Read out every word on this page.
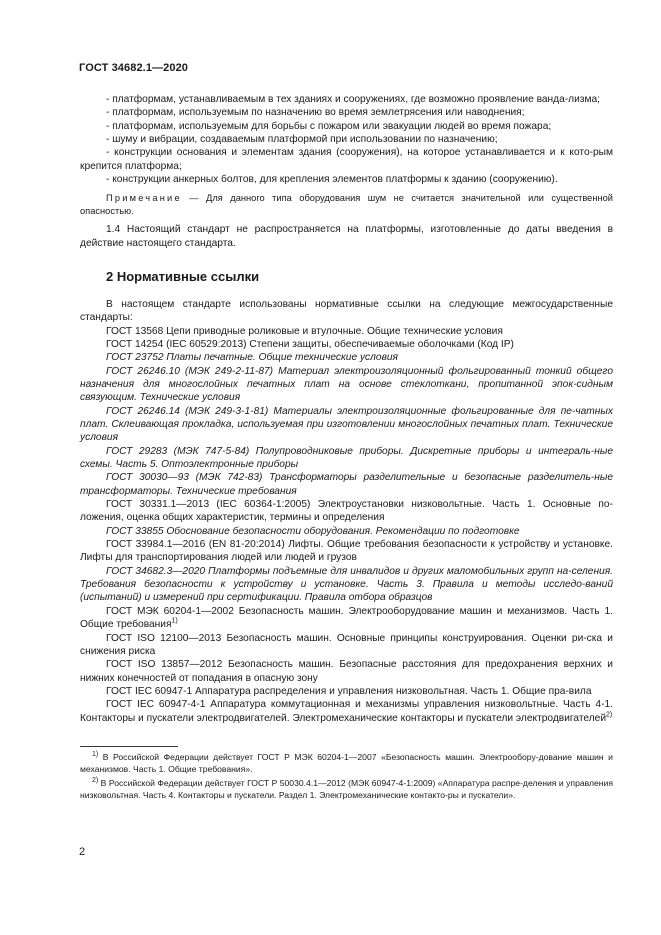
ГОСТ 34682.1—2020

- платформам, устанавливаемым в тех зданиях и сооружениях, где возможно проявление ванда-лизма;

- платформам, используемым по назначению во время землетрясения или наводнения;

- платформам, используемым для борьбы с пожаром или эвакуации людей во время пожара;

- шуму и вибрации, создаваемым платформой при использовании по назначению;

- конструкции основания и элементам здания (сооружения), на которое устанавливается и к кото-рым крепится платформа;

- конструкции анкерных болтов, для крепления элементов платформы к зданию (сооружению).

Примечание — Для данного типа оборудования шум не считается значительной или существенной опасностью.

1.4 Настоящий стандарт не распространяется на платформы, изготовленные до даты введения в действие настоящего стандарта.

2 Нормативные ссылки

В настоящем стандарте использованы нормативные ссылки на следующие межгосударственные стандарты:

ГОСТ 13568 Цепи приводные роликовые и втулочные. Общие технические условия

ГОСТ 14254 (IEC 60529:2013) Степени защиты, обеспечиваемые оболочками (Код IP)

ГОСТ 23752 Платы печатные. Общие технические условия

ГОСТ 26246.10 (МЭК 249-2-11-87) Материал электроизоляционный фольгированный тонкий общего назначения для многослойных печатных плат на основе стеклоткани, пропитанной эпок-сидным связующим. Технические условия

ГОСТ 26246.14 (МЭК 249-3-1-81) Материалы электроизоляционные фольгированные для пе-чатных плат. Склеивающая прокладка, используемая при изготовлении многослойных печатных плат. Технические условия

ГОСТ 29283 (МЭК 747-5-84) Полупроводниковые приборы. Дискретные приборы и интеграль-ные схемы. Часть 5. Оптоэлектронные приборы

ГОСТ 30030—93 (МЭК 742-83) Трансформаторы разделительные и безопасные разделитель-ные трансформаторы. Технические требования

ГОСТ 30331.1—2013 (IEC 60364-1:2005) Электроустановки низковольтные. Часть 1. Основные по-ложения, оценка общих характеристик, термины и определения

ГОСТ 33855 Обоснование безопасности оборудования. Рекомендации по подготовке

ГОСТ 33984.1—2016 (EN 81-20:2014) Лифты. Общие требования безопасности к устройству и установке. Лифты для транспортирования людей или людей и грузов

ГОСТ 34682.3—2020 Платформы подъемные для инвалидов и других маломобильных групп на-селения. Требования безопасности к устройству и установке. Часть 3. Правила и методы исследо-ваний (испытаний) и измерений при сертификации. Правила отбора образцов

ГОСТ МЭК 60204-1—2002 Безопасность машин. Электрооборудование машин и механизмов. Часть 1. Общие требования$^{1)}$

ГОСТ ISO 12100—2013 Безопасность машин. Основные принципы конструирования. Оценки ри-ска и снижения риска

ГОСТ ISO 13857—2012 Безопасность машин. Безопасные расстояния для предохранения верхних и нижних конечностей от попадания в опасную зону

ГОСТ IEC 60947-1 Аппаратура распределения и управления низковольтная. Часть 1. Общие пра-вила

ГОСТ IEC 60947-4-1 Аппаратура коммутационная и механизмы управления низковольтные. Часть 4-1. Контакторы и пускатели электродвигателей. Электромеханические контакторы и пускатели электродвигателей$^{2)}$

$^{1)}$ В Российской Федерации действует ГОСТ Р МЭК 60204-1—2007 «Безопасность машин. Электрообору-дование машин и механизмов. Часть 1. Общие требования».

$^{2)}$ В Российской Федерации действует ГОСТ Р 50030.4.1—2012 (МЭК 60947-4-1:2009) «Аппаратура распре-деления и управления низковольтная. Часть 4. Контакторы и пускатели. Раздел 1. Электромеханические контакто-ры и пускатели».

2
